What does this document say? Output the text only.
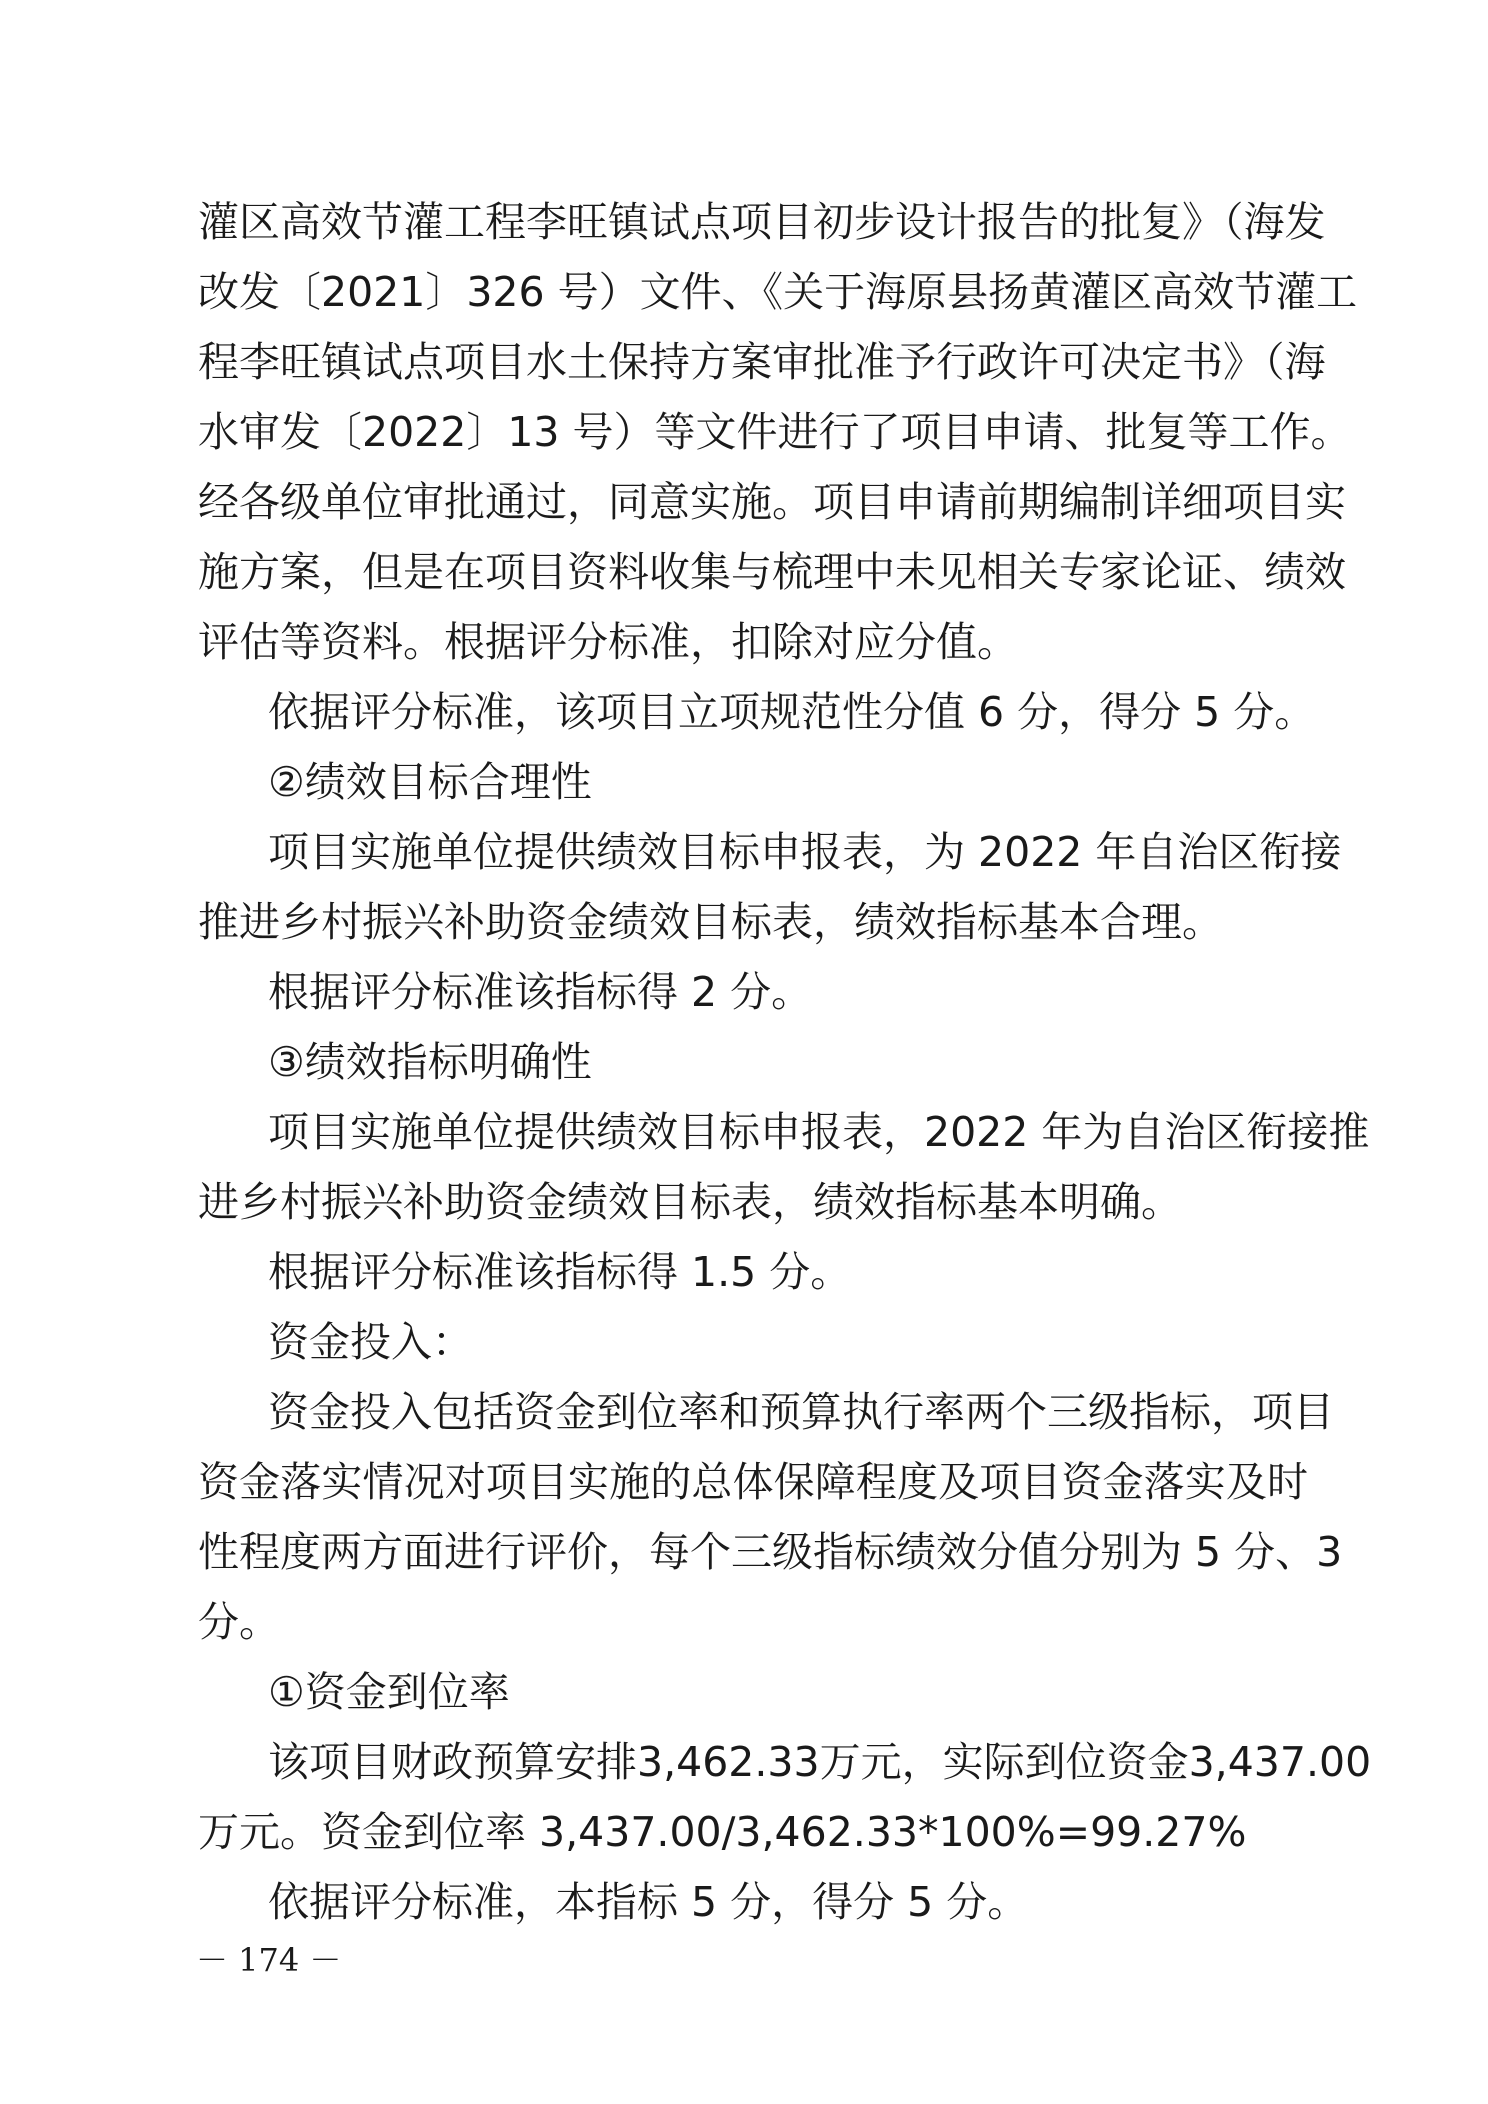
灌区高效节灌工程李旺镇试点项目初步设计报告的批复》（海发
改发〔2021〕326 号）文件、《关于海原县扬黄灌区高效节灌工
程李旺镇试点项目水土保持方案审批准予行政许可决定书》（海
水审发〔2022〕13 号）等文件进行了项目申请、批复等工作。
经各级单位审批通过，同意实施。项目申请前期编制详细项目实
施方案，但是在项目资料收集与梳理中未见相关专家论证、绩效
评估等资料。根据评分标准，扣除对应分值。
依据评分标准，该项目立项规范性分值 6 分，得分 5 分。
②绩效目标合理性
项目实施单位提供绩效目标申报表，为 2022 年自治区衔接
推进乡村振兴补助资金绩效目标表，绩效指标基本合理。
根据评分标准该指标得 2 分。
③绩效指标明确性
项目实施单位提供绩效目标申报表，2022 年为自治区衔接推
进乡村振兴补助资金绩效目标表，绩效指标基本明确。
根据评分标准该指标得 1.5 分。
资金投入：
资金投入包括资金到位率和预算执行率两个三级指标，项目
资金落实情况对项目实施的总体保障程度及项目资金落实及时
性程度两方面进行评价，每个三级指标绩效分值分别为 5 分、3
分。
①资金到位率
该项目财政预算安排3,462.33万元，实际到位资金3,437.00
万元。资金到位率 3,437.00/3,462.33*100%=99.27%
依据评分标准，本指标 5 分，得分 5 分。
－ 174 －
